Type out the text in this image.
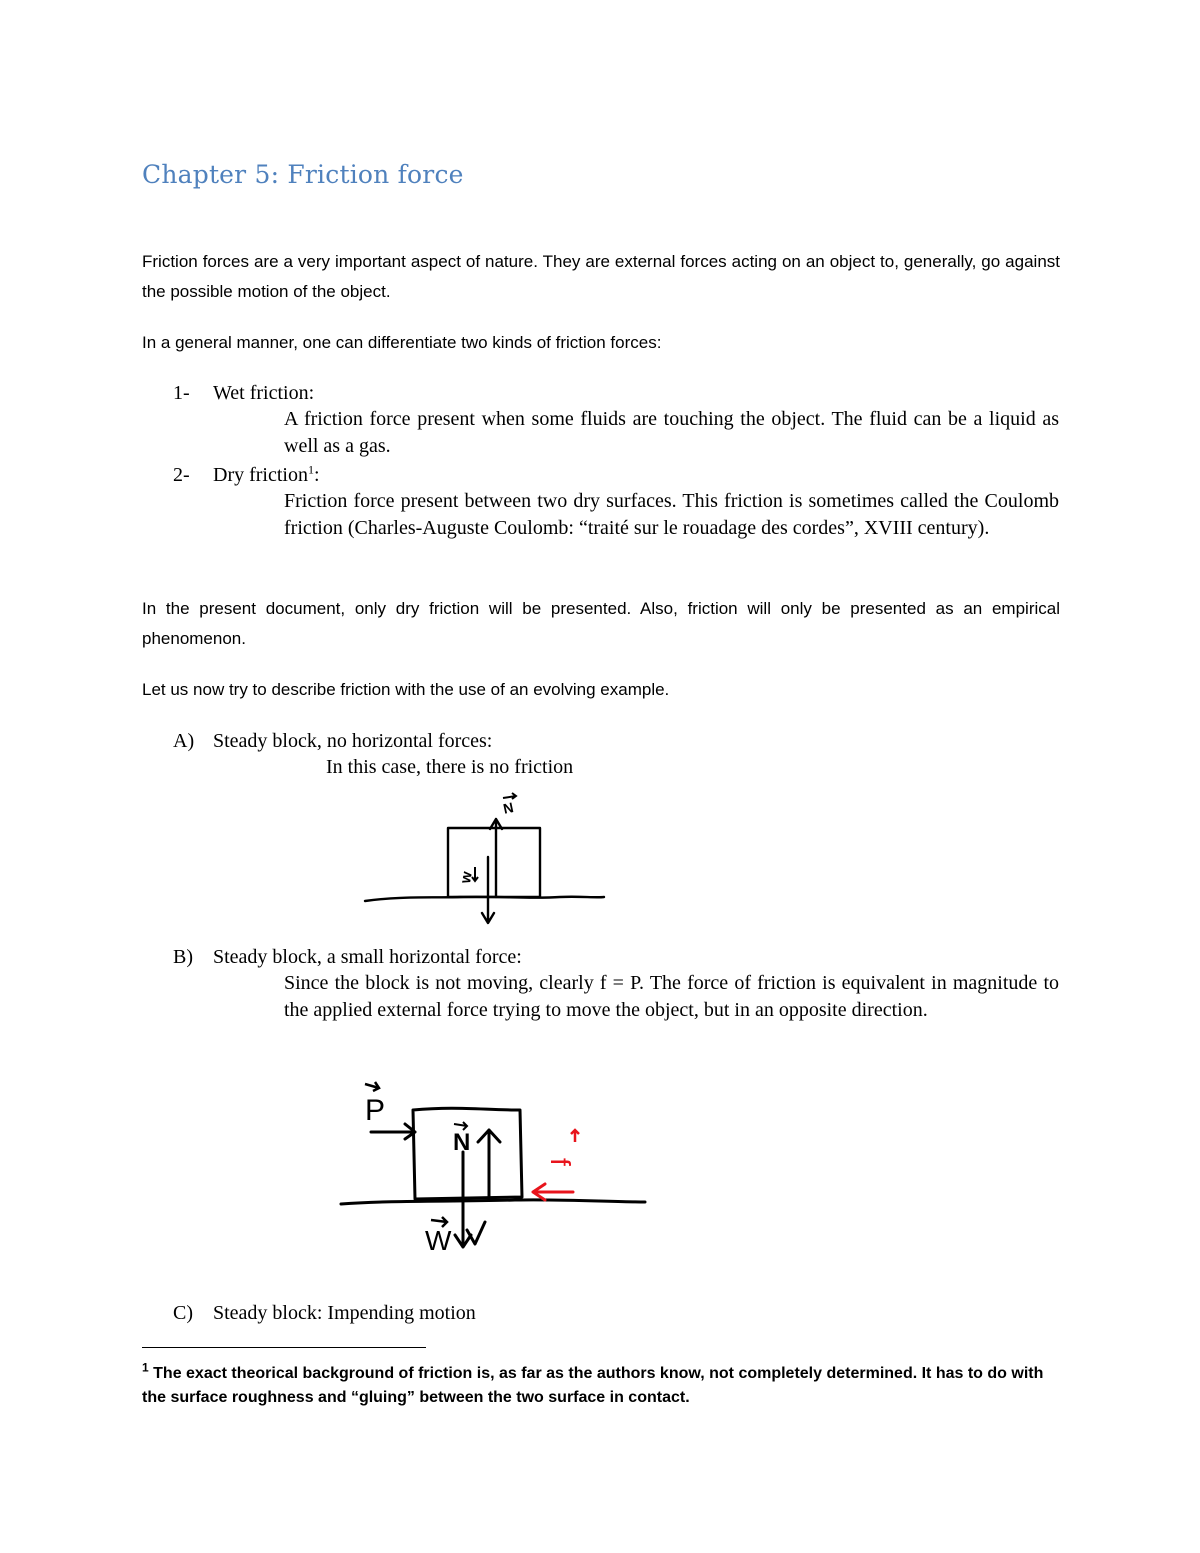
Chapter 5: Friction force

Friction forces are a very important aspect of nature. They are external forces acting on an object to, generally, go against the possible motion of the object.

In a general manner, one can differentiate two kinds of friction forces:

1- Wet friction:

A friction force present when some fluids are touching the object. The fluid can be a liquid as well as a gas.

2- Dry friction$^1$:

Friction force present between two dry surfaces. This friction is sometimes called the Coulomb friction (Charles-Auguste Coulomb: “traité sur le rouadage des cordes”, XVIII century).

In the present document, only dry friction will be presented. Also, friction will only be presented as an empirical phenomenon.

Let us now try to describe friction with the use of an evolving example.

A) Steady block, no horizontal forces:

In this case, there is no friction

N
w
B) Steady block, a small horizontal force:

Since the block is not moving, clearly f = P. The force of friction is equivalent in magnitude to the applied external force trying to move the object, but in an opposite direction.

P
N
W
f
C) Steady block: Impending motion

$^1$ The exact theorical background of friction is, as far as the authors know, not completely determined. It has to do with the surface roughness and “gluing” between the two surface in contact.
